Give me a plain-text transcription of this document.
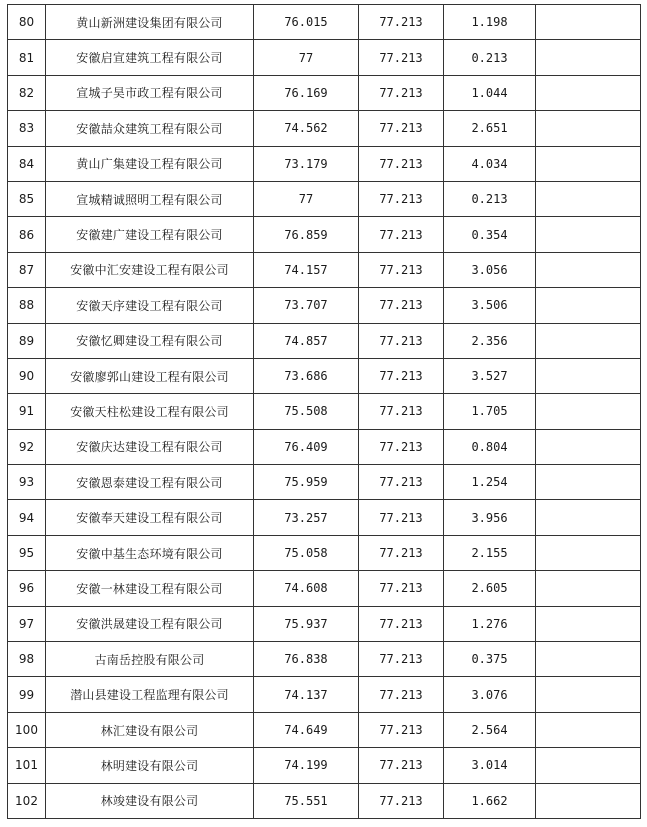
80	黄山新洲建设集团有限公司	76.015	77.213	1.198	
81	安徽启宣建筑工程有限公司	77	77.213	0.213	
82	宣城子昊市政工程有限公司	76.169	77.213	1.044	
83	安徽喆众建筑工程有限公司	74.562	77.213	2.651	
84	黄山广集建设工程有限公司	73.179	77.213	4.034	
85	宣城精诚照明工程有限公司	77	77.213	0.213	
86	安徽建广建设工程有限公司	76.859	77.213	0.354	
87	安徽中汇安建设工程有限公司	74.157	77.213	3.056	
88	安徽天序建设工程有限公司	73.707	77.213	3.506	
89	安徽忆卿建设工程有限公司	74.857	77.213	2.356	
90	安徽廖郭山建设工程有限公司	73.686	77.213	3.527	
91	安徽天柱松建设工程有限公司	75.508	77.213	1.705	
92	安徽庆达建设工程有限公司	76.409	77.213	0.804	
93	安徽恩泰建设工程有限公司	75.959	77.213	1.254	
94	安徽奉天建设工程有限公司	73.257	77.213	3.956	
95	安徽中基生态环境有限公司	75.058	77.213	2.155	
96	安徽一林建设工程有限公司	74.608	77.213	2.605	
97	安徽洪晟建设工程有限公司	75.937	77.213	1.276	
98	古南岳控股有限公司	76.838	77.213	0.375	
99	潜山县建设工程监理有限公司	74.137	77.213	3.076	
100	林汇建设有限公司	74.649	77.213	2.564	
101	林明建设有限公司	74.199	77.213	3.014	
102	林竣建设有限公司	75.551	77.213	1.662	
